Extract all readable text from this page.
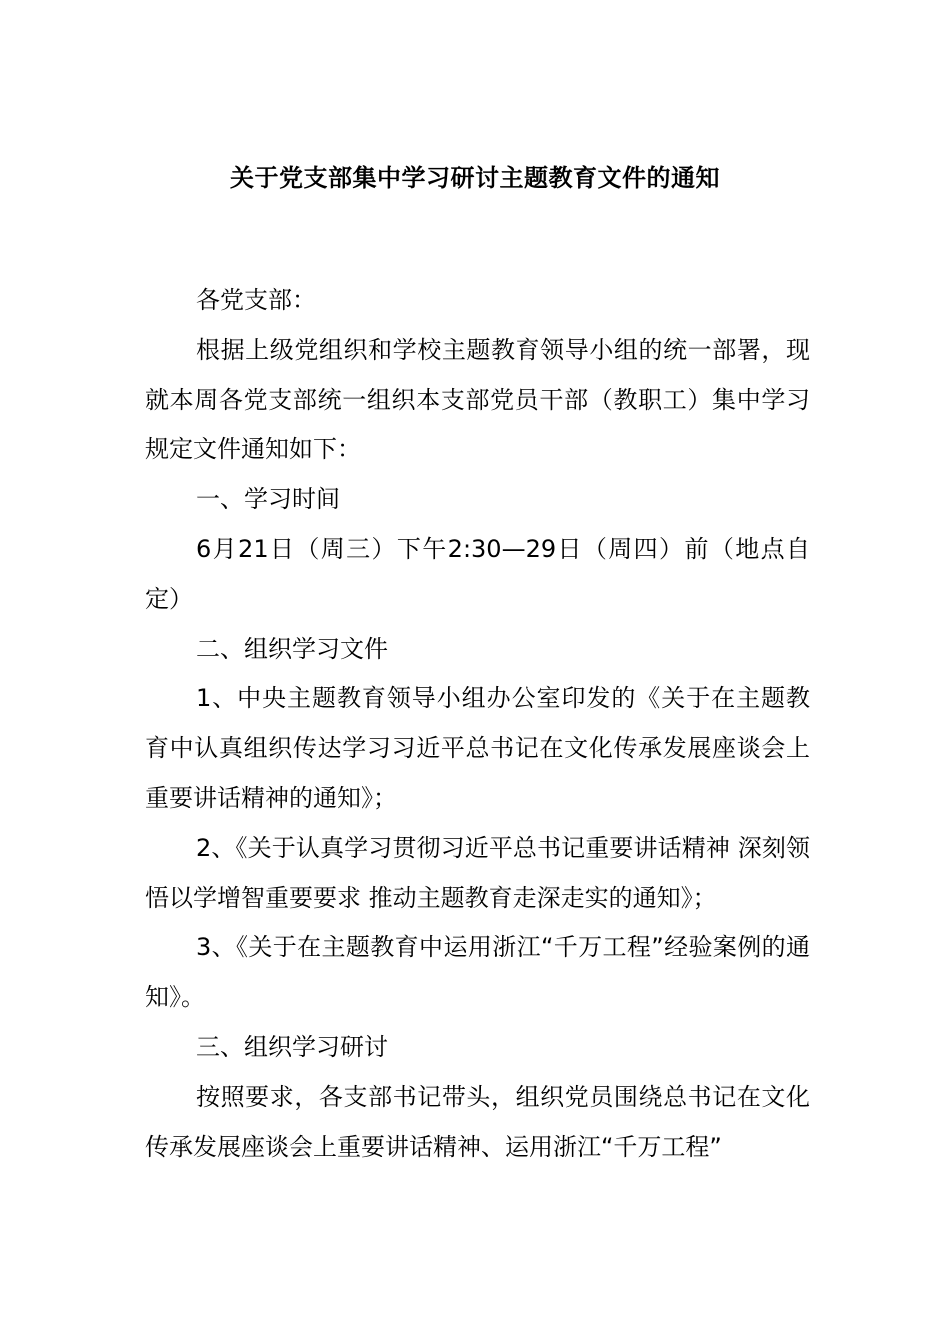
关于党支部集中学习研讨主题教育文件的通知

各党支部：

根据上级党组织和学校主题教育领导小组的统一部署，现就本周各党支部统一组织本支部党员干部（教职工）集中学习规定文件通知如下：

一、学习时间

6月21日（周三）下午2:30—29日（周四）前（地点自定）

二、组织学习文件

1、中央主题教育领导小组办公室印发的《关于在主题教育中认真组织传达学习习近平总书记在文化传承发展座谈会上重要讲话精神的通知》；

2、《关于认真学习贯彻习近平总书记重要讲话精神 深刻领悟以学增智重要要求 推动主题教育走深走实的通知》；

3、《关于在主题教育中运用浙江“千万工程”经验案例的通知》。

三、组织学习研讨

按照要求，各支部书记带头，组织党员围绕总书记在文化传承发展座谈会上重要讲话精神、运用浙江“千万工程”
